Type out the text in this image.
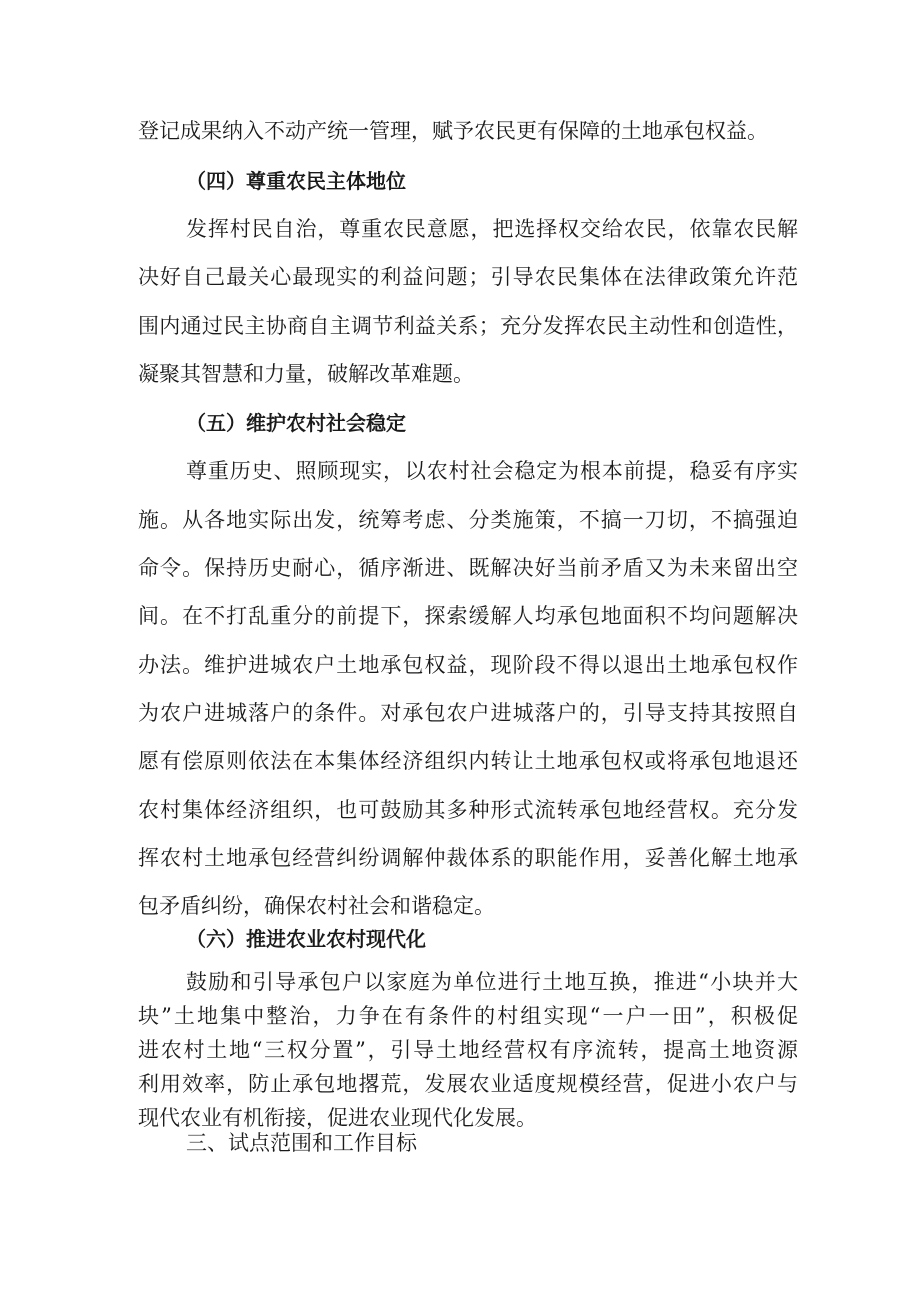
登记成果纳入不动产统一管理，赋予农民更有保障的土地承包权益。
（四）尊重农民主体地位
发挥村民自治，尊重农民意愿，把选择权交给农民，依靠农民解
决好自己最关心最现实的利益问题；引导农民集体在法律政策允许范
围内通过民主协商自主调节利益关系；充分发挥农民主动性和创造性，
凝聚其智慧和力量，破解改革难题。
（五）维护农村社会稳定
尊重历史、照顾现实，以农村社会稳定为根本前提，稳妥有序实
施。从各地实际出发，统筹考虑、分类施策，不搞一刀切，不搞强迫
命令。保持历史耐心，循序渐进、既解决好当前矛盾又为未来留出空
间。在不打乱重分的前提下，探索缓解人均承包地面积不均问题解决
办法。维护进城农户土地承包权益，现阶段不得以退出土地承包权作
为农户进城落户的条件。对承包农户进城落户的，引导支持其按照自
愿有偿原则依法在本集体经济组织内转让土地承包权或将承包地退还
农村集体经济组织，也可鼓励其多种形式流转承包地经营权。充分发
挥农村土地承包经营纠纷调解仲裁体系的职能作用，妥善化解土地承
包矛盾纠纷，确保农村社会和谐稳定。
（六）推进农业农村现代化
鼓励和引导承包户以家庭为单位进行土地互换，推进“小块并大
块”土地集中整治，力争在有条件的村组实现“一户一田”，积极促
进农村土地“三权分置”，引导土地经营权有序流转，提高土地资源
利用效率，防止承包地撂荒，发展农业适度规模经营，促进小农户与
现代农业有机衔接，促进农业现代化发展。
三、试点范围和工作目标
